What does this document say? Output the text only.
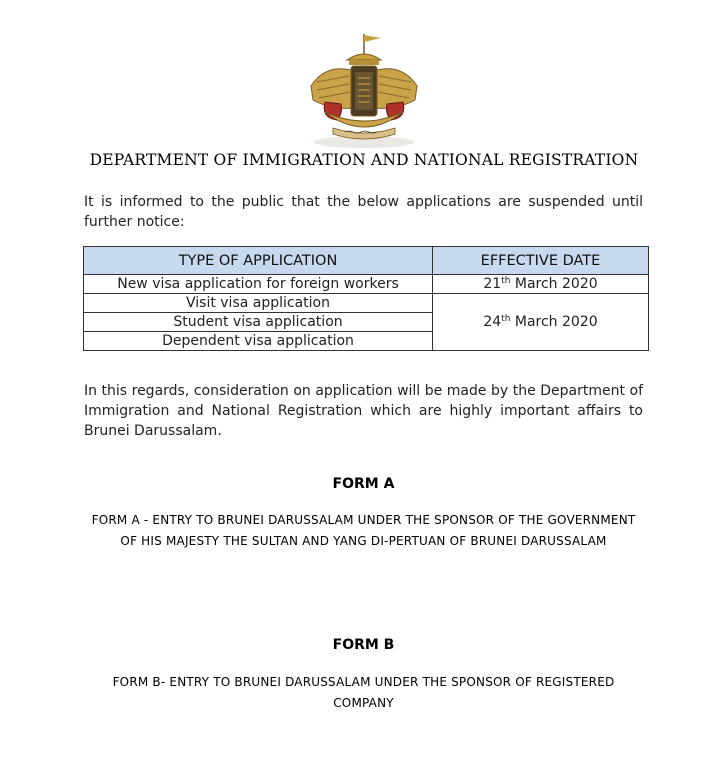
DEPARTMENT OF IMMIGRATION AND NATIONAL REGISTRATION
It is informed to the public that the below applications are suspended until further notice:
TYPE OF APPLICATION	EFFECTIVE DATE
New visa application for foreign workers	21th March 2020
Visit visa application	24th March 2020
Student visa application	
Dependent visa application	
In this regards, consideration on application will be made by the Department of Immigration and National Registration which are highly important affairs to Brunei Darussalam.
FORM A
FORM A - ENTRY TO BRUNEI DARUSSALAM UNDER THE SPONSOR OF THE GOVERNMENT OF HIS MAJESTY THE SULTAN AND YANG DI-PERTUAN OF BRUNEI DARUSSALAM
FORM B
FORM B- ENTRY TO BRUNEI DARUSSALAM UNDER THE SPONSOR OF REGISTERED COMPANY
